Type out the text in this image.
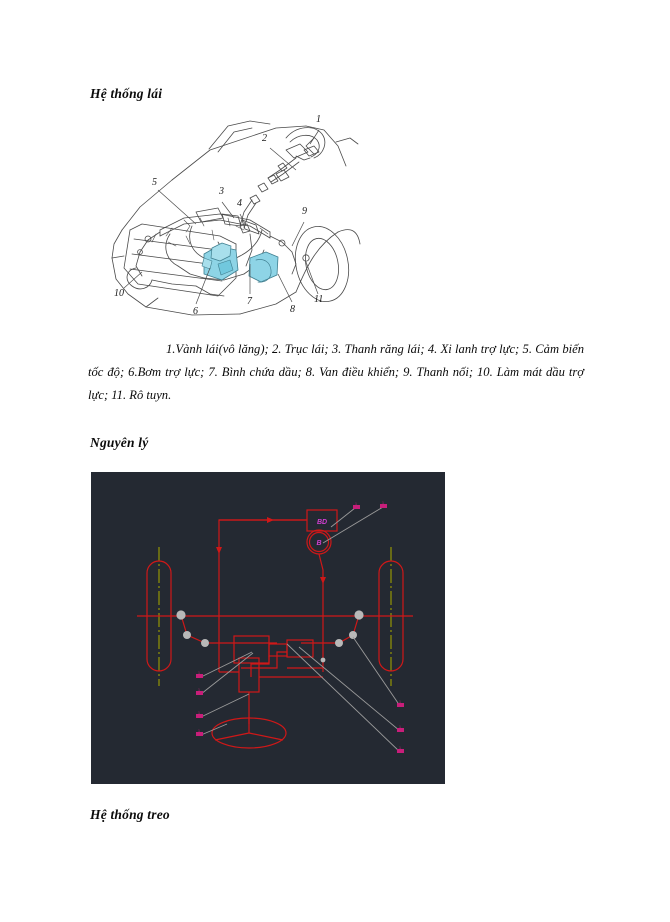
Hệ thống lái
1
2
3
4
5
6
7
8
9
10
11
1.Vành lái(vô lăng); 2. Trục lái; 3. Thanh răng lái; 4. Xi lanh trợ lực; 5. Cảm biến tốc độ; 6.Bơm trợ lực; 7. Bình chứa dầu; 8. Van điều khiển; 9. Thanh nối; 10. Làm mát dầu trợ lực; 11. Rô tuyn.
Nguyên lý
1	1
1
1
1
1
1
1
1
BD
B
Hệ thống treo
